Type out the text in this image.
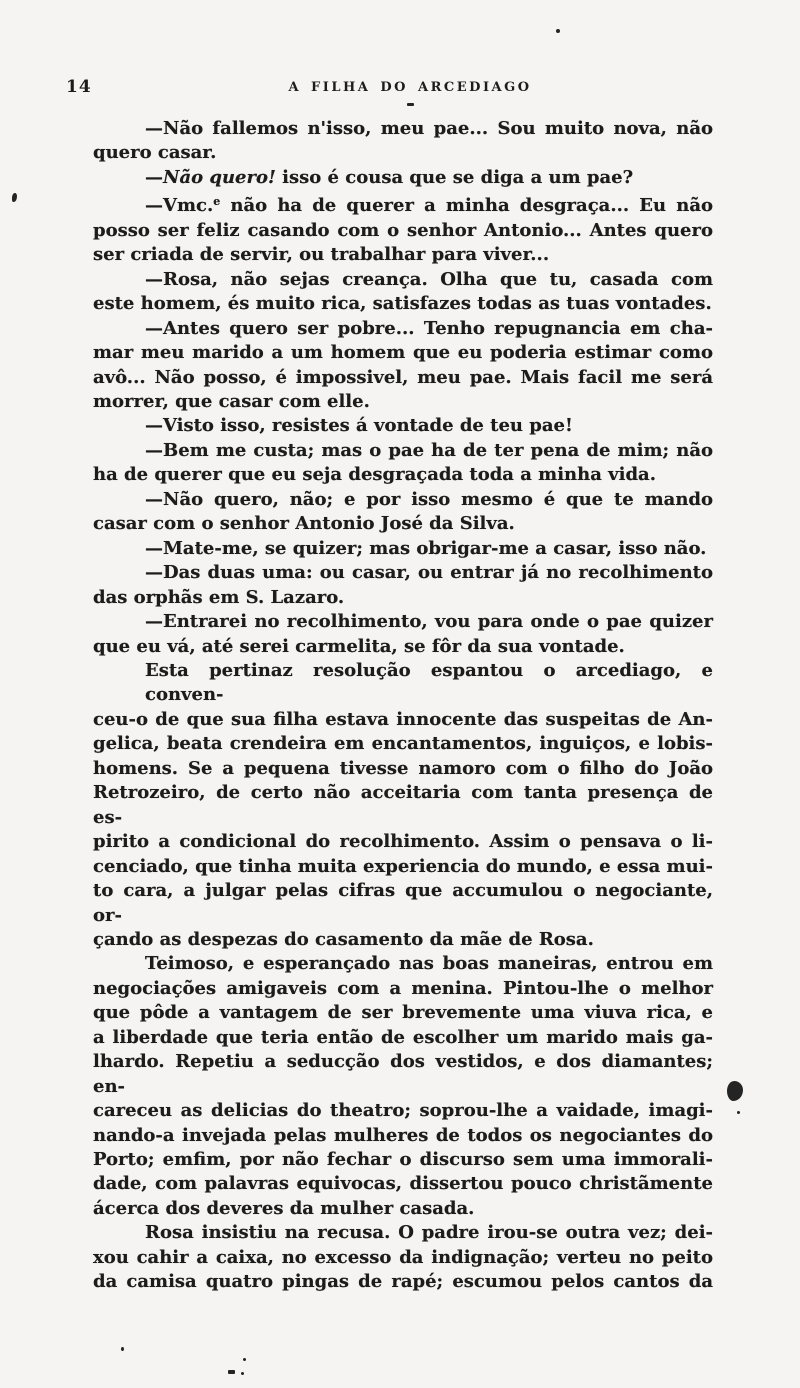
14	A FILHA DO ARCEDIAGO
—Não fallemos n'isso, meu pae... Sou muito nova, não
quero casar.
—Não quero! isso é cousa que se diga a um pae?
—Vmc.$^e$ não ha de querer a minha desgraça... Eu não
posso ser feliz casando com o senhor Antonio... Antes quero
ser criada de servir, ou trabalhar para viver...
—Rosa, não sejas creança. Olha que tu, casada com
este homem, és muito rica, satisfazes todas as tuas vontades.
—Antes quero ser pobre... Tenho repugnancia em cha-
mar meu marido a um homem que eu poderia estimar como
avô... Não posso, é impossivel, meu pae. Mais facil me será
morrer, que casar com elle.
—Visto isso, resistes á vontade de teu pae!
—Bem me custa; mas o pae ha de ter pena de mim; não
ha de querer que eu seja desgraçada toda a minha vida.
—Não quero, não; e por isso mesmo é que te mando
casar com o senhor Antonio José da Silva.
—Mate-me, se quizer; mas obrigar-me a casar, isso não.
—Das duas uma: ou casar, ou entrar já no recolhimento
das orphãs em S. Lazaro.
—Entrarei no recolhimento, vou para onde o pae quizer
que eu vá, até serei carmelita, se fôr da sua vontade.
Esta pertinaz resolução espantou o arcediago, e conven-
ceu-o de que sua filha estava innocente das suspeitas de An-
gelica, beata crendeira em encantamentos, inguiços, e lobis-
homens. Se a pequena tivesse namoro com o filho do João
Retrozeiro, de certo não acceitaria com tanta presença de es-
pirito a condicional do recolhimento. Assim o pensava o li-
cenciado, que tinha muita experiencia do mundo, e essa mui-
to cara, a julgar pelas cifras que accumulou o negociante, or-
çando as despezas do casamento da mãe de Rosa.
Teimoso, e esperançado nas boas maneiras, entrou em
negociações amigaveis com a menina. Pintou-lhe o melhor
que pôde a vantagem de ser brevemente uma viuva rica, e
a liberdade que teria então de escolher um marido mais ga-
lhardo. Repetiu a seducção dos vestidos, e dos diamantes; en-
careceu as delicias do theatro; soprou-lhe a vaidade, imagi-
nando-a invejada pelas mulheres de todos os negociantes do
Porto; emfim, por não fechar o discurso sem uma immorali-
dade, com palavras equivocas, dissertou pouco christãmente
ácerca dos deveres da mulher casada.
Rosa insistiu na recusa. O padre irou-se outra vez; dei-
xou cahir a caixa, no excesso da indignação; verteu no peito
da camisa quatro pingas de rapé; escumou pelos cantos da
